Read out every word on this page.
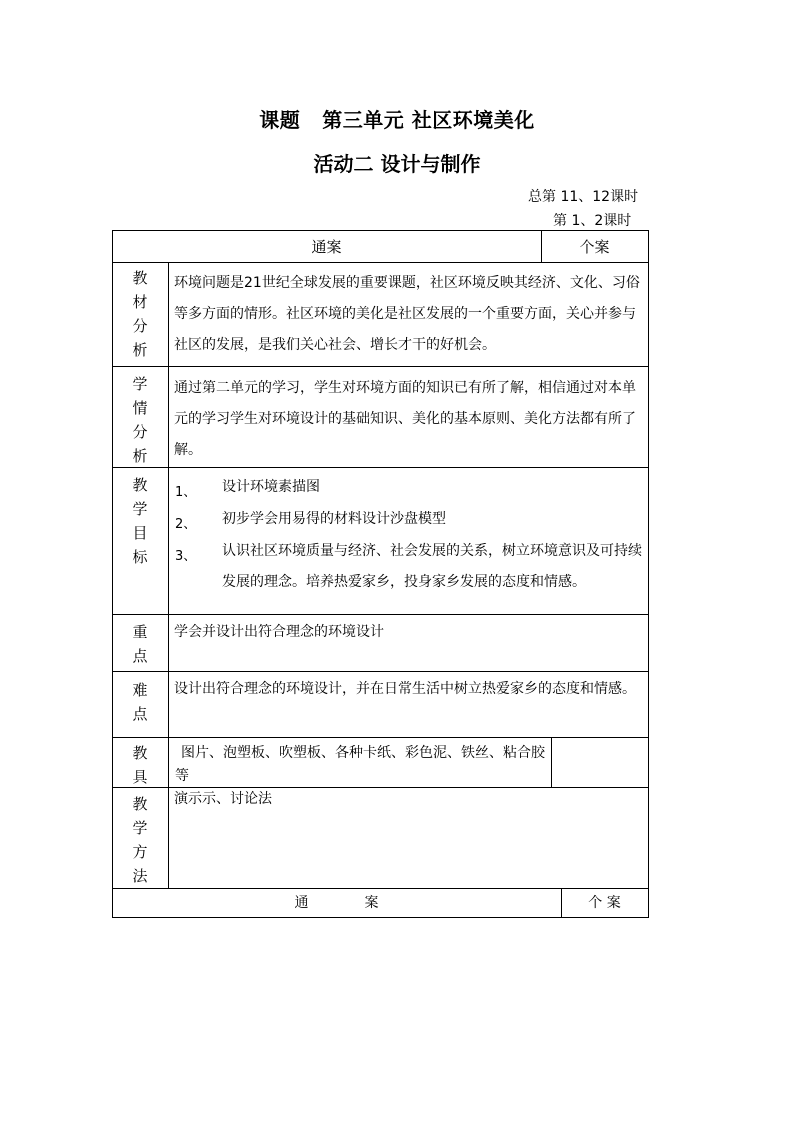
课题 第三单元 社区环境美化
活动二 设计与制作
总第 11、12课时
第 1、2课时
通案	个案
教
材
分
析
环境问题是21世纪全球发展的重要课题，社区环境反映其经济、文化、习俗等多方面的情形。社区环境的美化是社区发展的一个重要方面，关心并参与社区的发展，是我们关心社会、增长才干的好机会。
学
情
分
析
通过第二单元的学习，学生对环境方面的知识已有所了解，相信通过对本单元的学习学生对环境设计的基础知识、美化的基本原则、美化方法都有所了解。
教
学
目
标
1、 设计环境素描图
2、 初步学会用易得的材料设计沙盘模型
3、 认识社区环境质量与经济、社会发展的关系，树立环境意识及可持续发展的理念。培养热爱家乡，投身家乡发展的态度和情感。
重
点
学会并设计出符合理念的环境设计
难
点
设计出符合理念的环境设计，并在日常生活中树立热爱家乡的态度和情感。
教
具
图片、泡塑板、吹塑板、各种卡纸、彩色泥、铁丝、粘合胶等
教
学
方
法
演示示、讨论法
通　　　　案	个 案
